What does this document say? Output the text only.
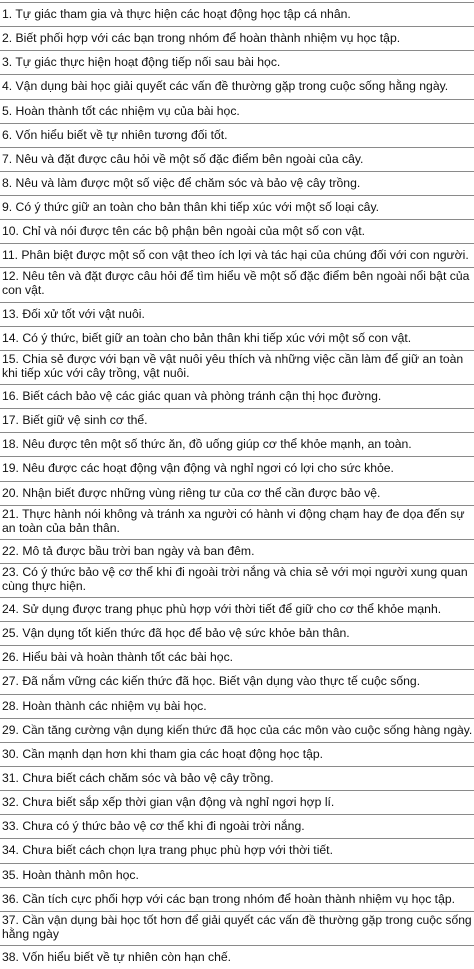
1. Tự giác tham gia và thực hiện các hoạt động học tập cá nhân.
2. Biết phối hợp với các bạn trong nhóm để hoàn thành nhiệm vụ học tập.
3. Tự giác thực hiện hoạt động tiếp nối sau bài học.
4. Vận dụng bài học giải quyết các vấn đề thường gặp trong cuộc sống hằng ngày.
5. Hoàn thành tốt các nhiệm vụ của bài học.
6. Vốn hiểu biết về tự nhiên tương đối tốt.
7. Nêu và đặt được câu hỏi về một số đặc điểm bên ngoài của cây.
8. Nêu và làm được một số việc để chăm sóc và bảo vệ cây trồng.
9. Có ý thức giữ an toàn cho bản thân khi tiếp xúc với một số loại cây.
10. Chỉ và nói được tên các bộ phận bên ngoài của một số con vật.
11. Phân biệt được một số con vật theo ích lợi và tác hại của chúng đối với con người.
12. Nêu tên và đặt được câu hỏi để tìm hiểu về một số đặc điểm bên ngoài nổi bật của
con vật.
13. Đối xử tốt với vật nuôi.
14. Có ý thức, biết giữ an toàn cho bản thân khi tiếp xúc với một số con vật.
15. Chia sẻ được với bạn về vật nuôi yêu thích và những việc cần làm để giữ an toàn
khi tiếp xúc với cây trồng, vật nuôi.
16. Biết cách bảo vệ các giác quan và phòng tránh cận thị học đường.
17. Biết giữ vệ sinh cơ thể.
18. Nêu được tên một số thức ăn, đồ uống giúp cơ thể khỏe mạnh, an toàn.
19. Nêu được các hoạt động vận động và nghỉ ngơi có lợi cho sức khỏe.
20. Nhận biết được những vùng riêng tư của cơ thể cần được bảo vệ.
21. Thực hành nói không và tránh xa người có hành vi động chạm hay đe dọa đến sự
an toàn của bản thân.
22. Mô tả được bầu trời ban ngày và ban đêm.
23. Có ý thức bảo vệ cơ thể khi đi ngoài trời nắng và chia sẻ với mọi người xung quan
cùng thực hiện.
24. Sử dụng được trang phục phù hợp với thời tiết để giữ cho cơ thể khỏe mạnh.
25. Vận dụng tốt kiến thức đã học để bảo vệ sức khỏe bản thân.
26. Hiểu bài và hoàn thành tốt các bài học.
27. Đã nắm vững các kiến thức đã học. Biết vận dụng vào thực tế cuộc sống.
28. Hoàn thành các nhiệm vụ bài học.
29. Cần tăng cường vận dụng kiến thức đã học của các môn vào cuộc sống hàng ngày.
30. Cần mạnh dạn hơn khi tham gia các hoạt động học tập.
31. Chưa biết cách chăm sóc và bảo vệ cây trồng.
32. Chưa biết sắp xếp thời gian vận động và nghỉ ngơi hợp lí.
33. Chưa có ý thức bảo vệ cơ thể khi đi ngoài trời nắng.
34. Chưa biết cách chọn lựa trang phục phù hợp với thời tiết.
35. Hoàn thành môn học.
36. Cần tích cực phối hợp với các bạn trong nhóm để hoàn thành nhiệm vụ học tập.
37. Cần vận dụng bài học tốt hơn để giải quyết các vấn đề thường gặp trong cuộc sống
hằng ngày
38. Vốn hiểu biết về tự nhiên còn hạn chế.
